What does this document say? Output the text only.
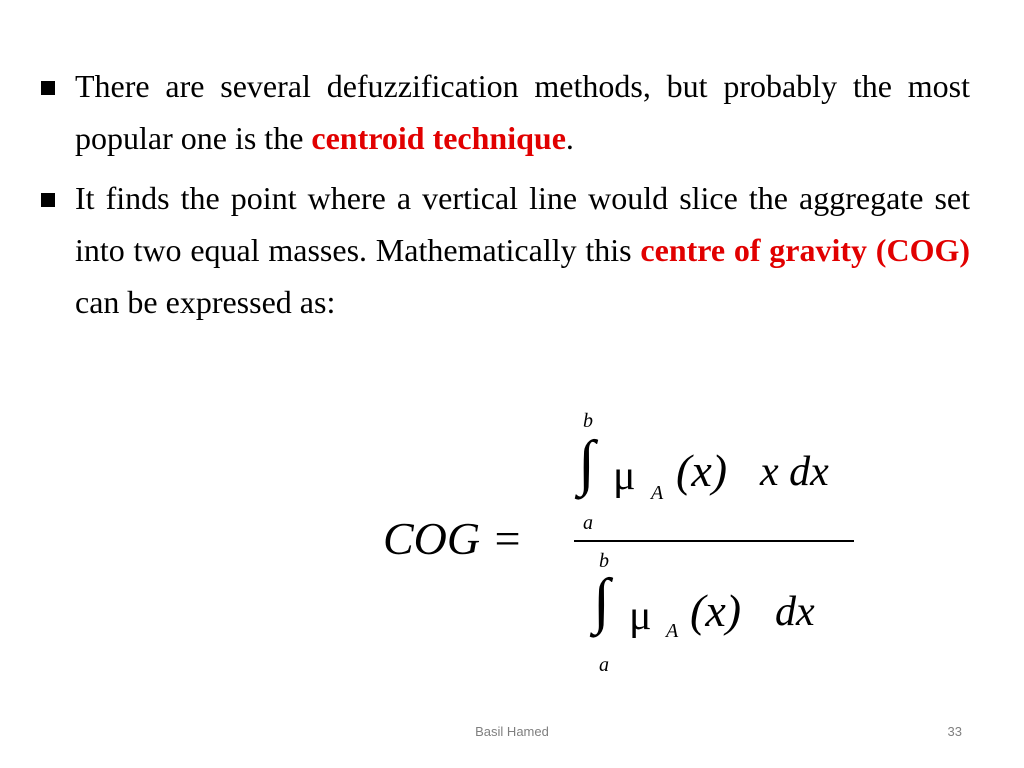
There are several defuzzification methods, but probably the most popular one is the centroid technique.
It finds the point where a vertical line would slice the aggregate set into two equal masses. Mathematically this centre of gravity (COG) can be expressed as:
COG =
b
∫
a
μ A (x) x dx
b
∫
a
μ A (x) dx
Basil Hamed	33
